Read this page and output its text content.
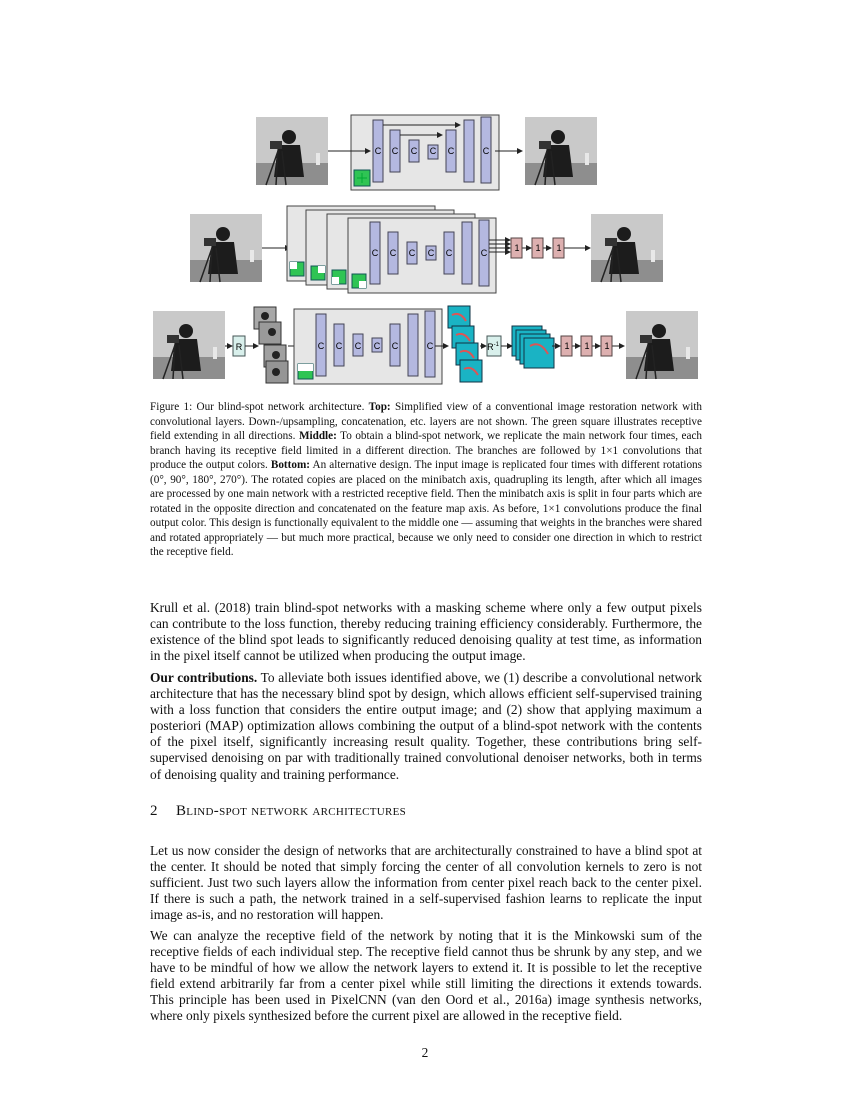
C C C C C	C
C C C C C	C	1 1 1
R	C C C C C	C	$R^{-1}$	1 1 1
Figure 1: Our blind-spot network architecture. Top: Simplified view of a conventional image restoration network with convolutional layers. Down-/upsampling, concatenation, etc. layers are not shown. The green square illustrates receptive field extending in all directions. Middle: To obtain a blind-spot network, we replicate the main network four times, each branch having its receptive field limited in a different direction. The branches are followed by 1×1 convolutions that produce the output colors. Bottom: An alternative design. The input image is replicated four times with different rotations (0°, 90°, 180°, 270°). The rotated copies are placed on the minibatch axis, quadrupling its length, after which all images are processed by one main network with a restricted receptive field. Then the minibatch axis is split in four parts which are rotated in the opposite direction and concatenated on the feature map axis. As before, 1×1 convolutions produce the final output color. This design is functionally equivalent to the middle one — assuming that weights in the branches were shared and rotated appropriately — but much more practical, because we only need to consider one direction in which to restrict the receptive field.

Krull et al. (2018) train blind-spot networks with a masking scheme where only a few output pixels can contribute to the loss function, thereby reducing training efficiency considerably. Furthermore, the existence of the blind spot leads to significantly reduced denoising quality at test time, as information in the pixel itself cannot be utilized when producing the output image.

Our contributions. To alleviate both issues identified above, we (1) describe a convolutional network architecture that has the necessary blind spot by design, which allows efficient self-supervised training with a loss function that considers the entire output image; and (2) show that applying maximum a posteriori (MAP) optimization allows combining the output of a blind-spot network with the contents of the pixel itself, significantly increasing result quality. Together, these contributions bring self-supervised denoising on par with traditionally trained convolutional denoiser networks, both in terms of denoising quality and training performance.

2 Blind-spot network architectures

Let us now consider the design of networks that are architecturally constrained to have a blind spot at the center. It should be noted that simply forcing the center of all convolution kernels to zero is not sufficient. Just two such layers allow the information from center pixel reach back to the center pixel. If there is such a path, the network trained in a self-supervised fashion learns to replicate the input image as-is, and no restoration will happen.

We can analyze the receptive field of the network by noting that it is the Minkowski sum of the receptive fields of each individual step. The receptive field cannot thus be shrunk by any step, and we have to be mindful of how we allow the network layers to extend it. It is possible to let the receptive field extend arbitrarily far from a center pixel while still limiting the directions it extends towards. This principle has been used in PixelCNN (van den Oord et al., 2016a) image synthesis networks, where only pixels synthesized before the current pixel are allowed in the receptive field.

2
